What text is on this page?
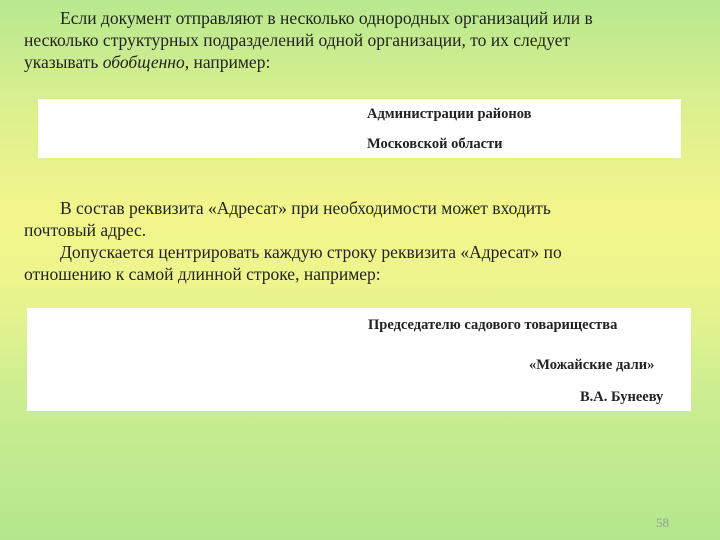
Если документ отправляют в несколько однородных организаций или в
несколько структурных подразделений одной организации, то их следует
указывать обобщенно, например:

Администрации районов
Московской области

В состав реквизита «Адресат» при необходимости может входить
почтовый адрес.
Допускается центрировать каждую строку реквизита «Адресат» по
отношению к самой длинной строке, например:

Председателю садового товарищества
«Можайские дали»
В.А. Бунееву
58
